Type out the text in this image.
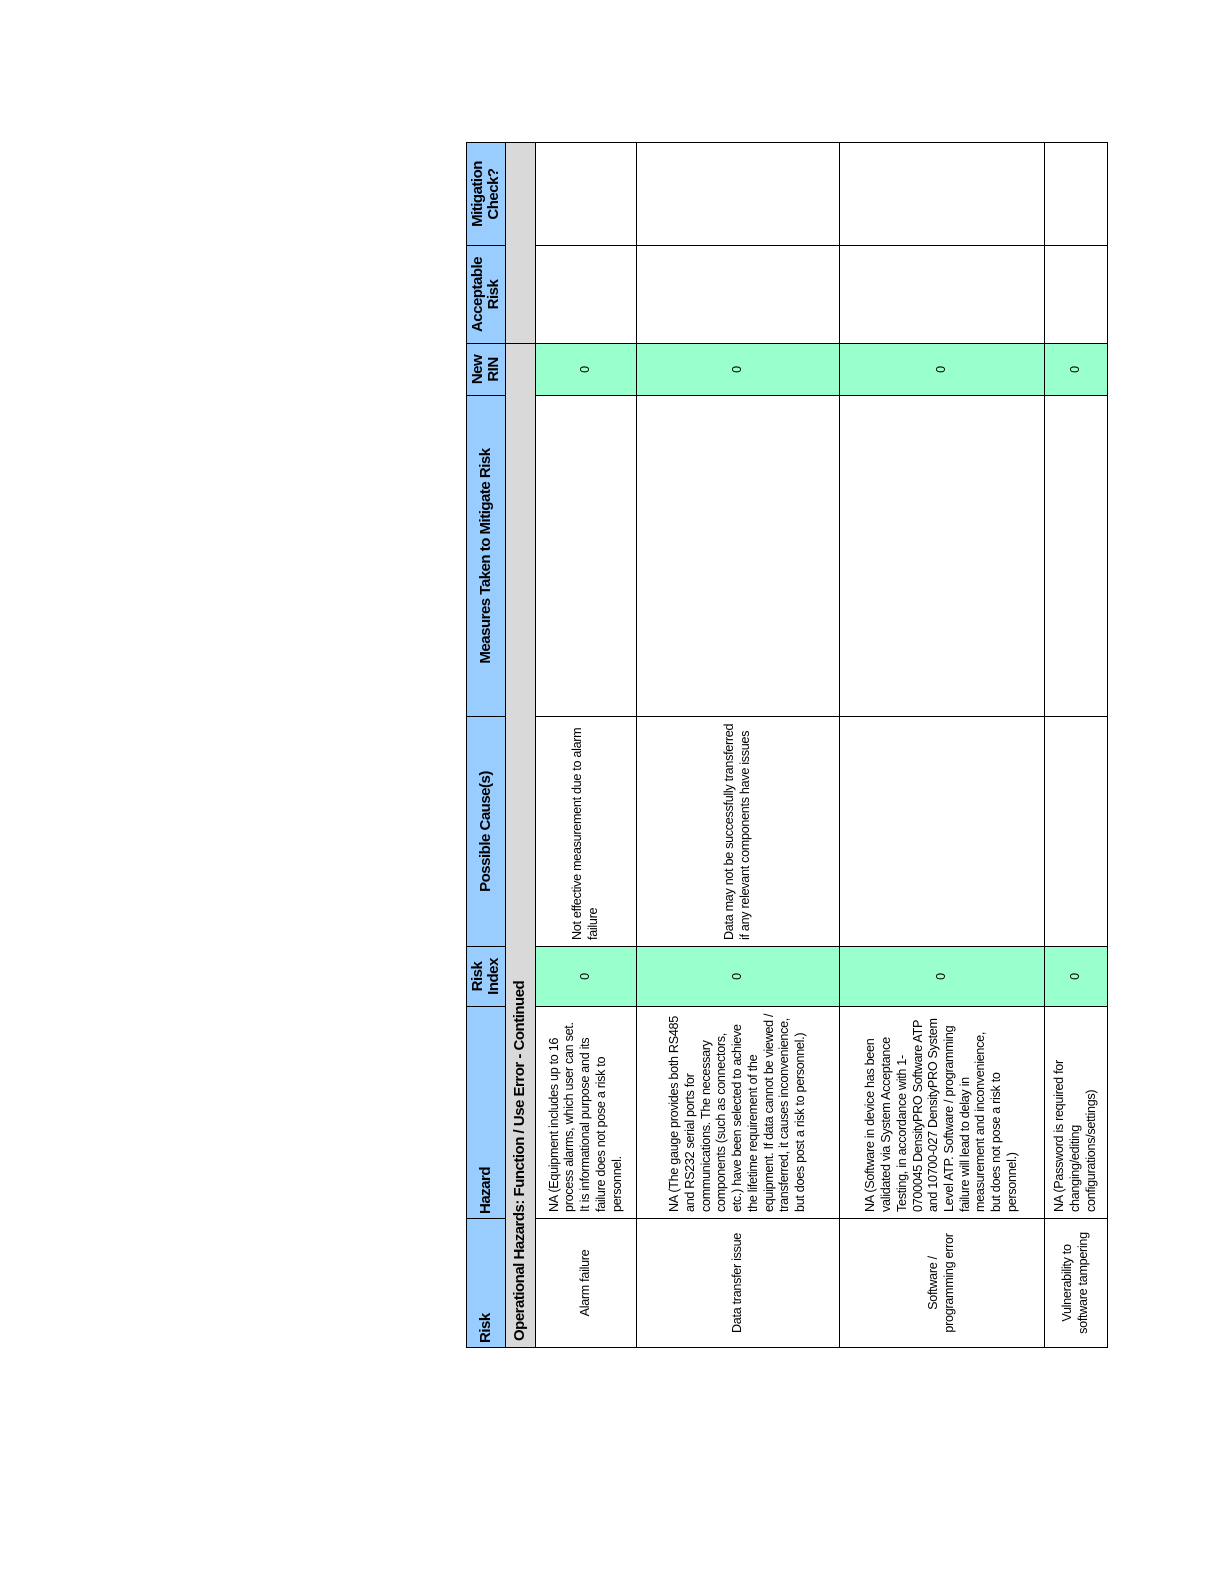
Risk	Hazard	Risk Index	Possible Cause(s)	Measures Taken to Mitigate Risk	New RIN	Acceptable Risk	Mitigation Check?
Operational Hazards: Function / Use Error - Continued							
Alarm failure	NA (Equipment includes up to 16 process alarms, which user can set. It is informational purpose and its failure does not pose a risk to personnel.	0	Not effective measurement due to alarm failure		0		
Data transfer issue	NA (The gauge provides both RS485 and RS232 serial ports for communications. The necessary components (such as connectors, etc.) have been selected to achieve the lifetime requirement of the equipment. If data cannot be viewed / transferred, it causes inconvenience, but does post a risk to personnel.)	0	Data may not be successfully transferred if any relevant components have issues		0		
Software / programming error	NA (Software in device has been validated via System Acceptance Testing, in accordance with 1-0700045 DensityPRO Software ATP and 10700-027 DensityPRO System Level ATP. Software / programming failure will lead to delay in measurement and inconvenience, but does not pose a risk to personnel.)	0			0		
Vulnerability to software tampering	NA (Password is required for changing/editing configurations/settings)	0			0		
